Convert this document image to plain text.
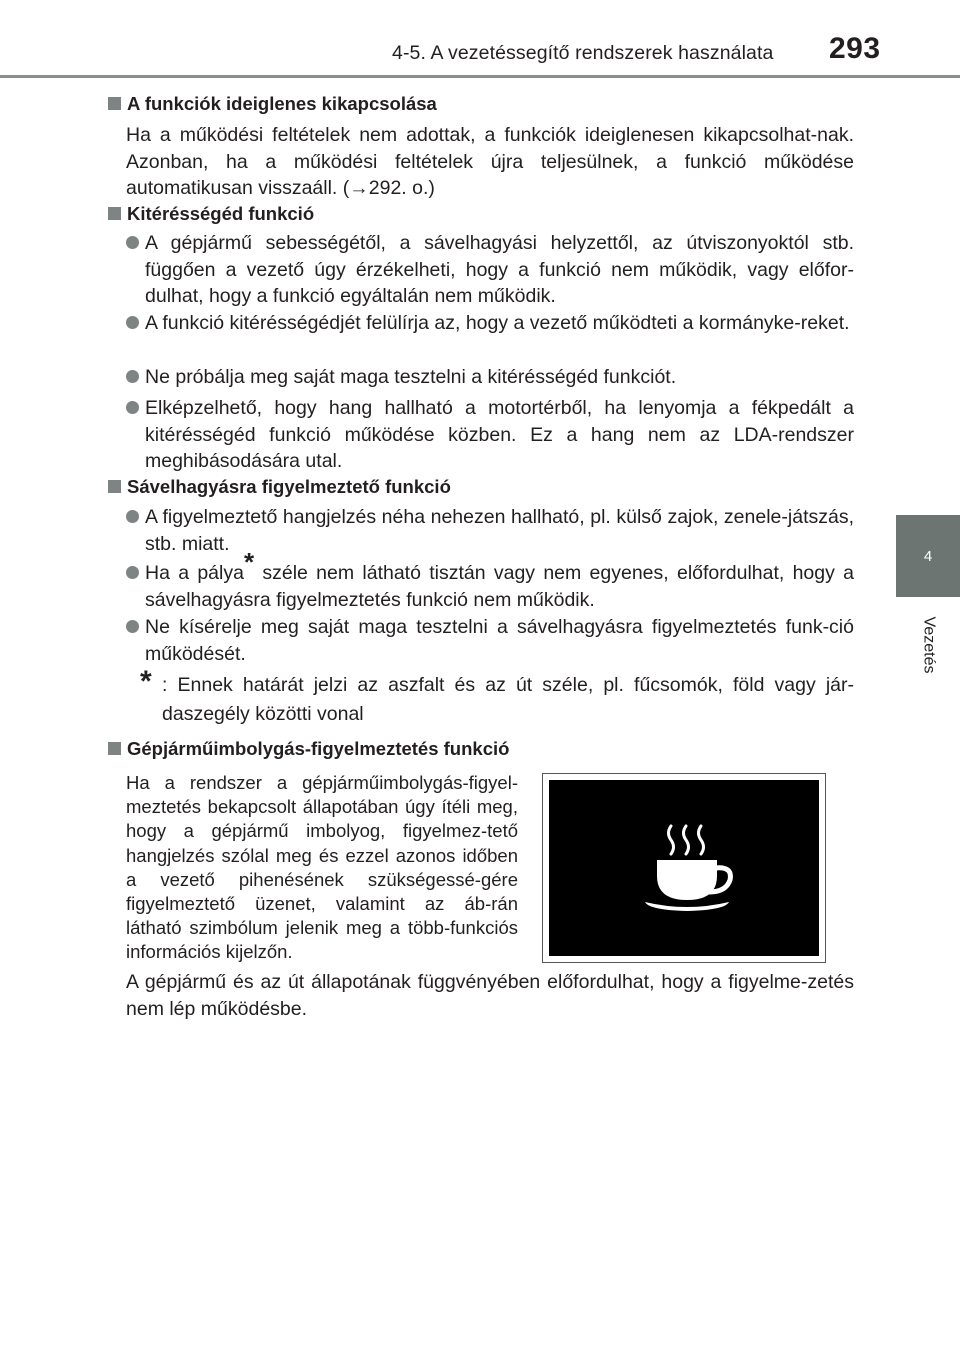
4-5. A vezetéssegítő rendszerek használata 293
4
Vezetés
A funkciók ideiglenes kikapcsolása
Ha a működési feltételek nem adottak, a funkciók ideiglenesen kikapcsolhat-nak. Azonban, ha a működési feltételek újra teljesülnek, a funkció működése automatikusan visszaáll. (→292. o.)
Kitérésségéd funkció
A gépjármű sebességétől, a sávelhagyási helyzettől, az útviszonyoktól stb. függően a vezető úgy érzékelheti, hogy a funkció nem működik, vagy előfor-dulhat, hogy a funkció egyáltalán nem működik.
A funkció kitérésségédjét felülírja az, hogy a vezető működteti a kormányke-reket.
Ne próbálja meg saját maga tesztelni a kitérésségéd funkciót.
Elképzelhető, hogy hang hallható a motortérből, ha lenyomja a fékpedált a kitérésségéd funkció működése közben. Ez a hang nem az LDA-rendszer meghibásodására utal.
Sávelhagyásra figyelmeztető funkció
A figyelmeztető hangjelzés néha nehezen hallható, pl. külső zajok, zenele-játszás, stb. miatt.
Ha a pálya* széle nem látható tisztán vagy nem egyenes, előfordulhat, hogy a sávelhagyásra figyelmeztetés funkció nem működik.
Ne kísérelje meg saját maga tesztelni a sávelhagyásra figyelmeztetés funk-ció működését.
* : Ennek határát jelzi az aszfalt és az út széle, pl. fűcsomók, föld vagy jár-daszegély közötti vonal
Gépjárműimbolygás-figyelmeztetés funkció
Ha a rendszer a gépjárműimbolygás-figyel-meztetés bekapcsolt állapotában úgy ítéli meg, hogy a gépjármű imbolyog, figyelmez-tető hangjelzés szólal meg és ezzel azonos időben a vezető pihenésének szükségessé-gére figyelmeztető üzenet, valamint az áb-rán látható szimbólum jelenik meg a több-funkciós információs kijelzőn.
A gépjármű és az út állapotának függvényében előfordulhat, hogy a figyelme-zetés nem lép működésbe.
